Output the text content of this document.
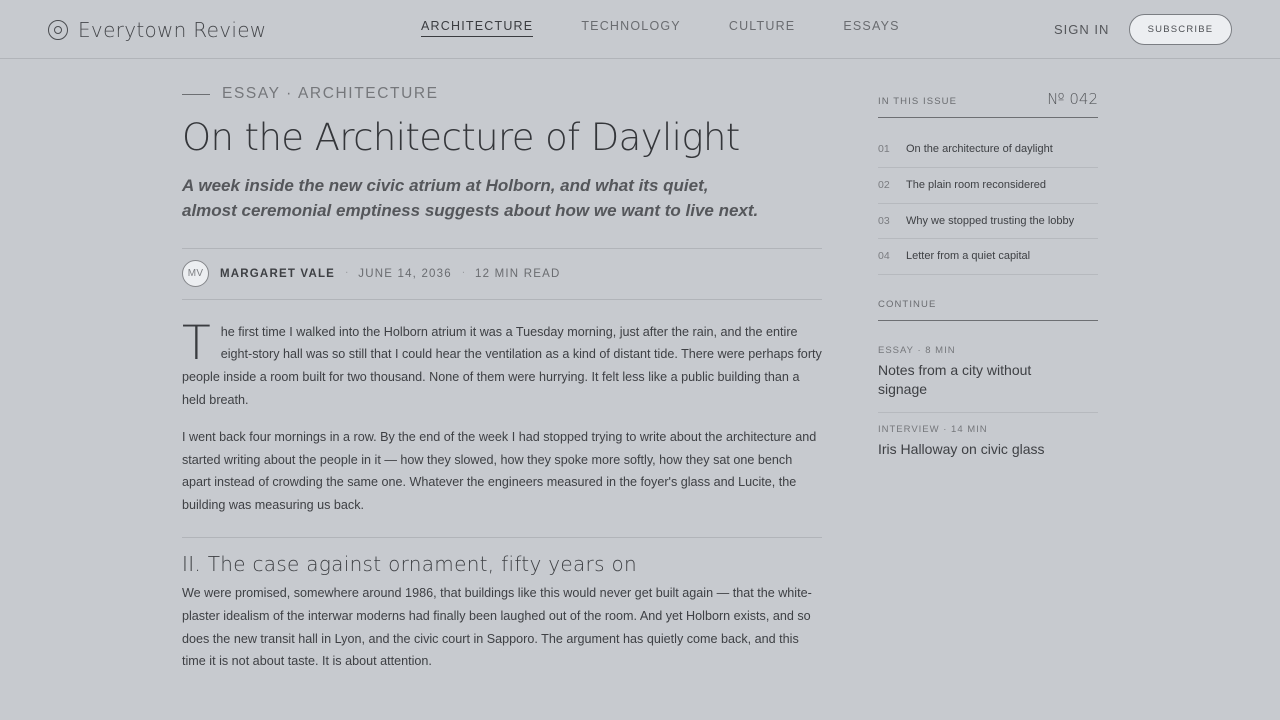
Everytown Review	ARCHITECTURE	TECHNOLOGY	CULTURE	ESSAYS	SIGN IN	SUBSCRIBE
ESSAY · ARCHITECTURE
On the Architecture of Daylight

A week inside the new civic atrium at Holborn, and what its quiet, almost ceremonial emptiness suggests about how we want to live next.

MV	MARGARET VALE · JUNE 14, 2036 · 12 MIN READ

The first time I walked into the Holborn atrium it was a Tuesday morning, just after the rain, and the entire eight-story hall was so still that I could hear the ventilation as a kind of distant tide. There were perhaps forty people inside a room built for two thousand. None of them were hurrying. It felt less like a public building than a held breath.

I went back four mornings in a row. By the end of the week I had stopped trying to write about the architecture and started writing about the people in it — how they slowed, how they spoke more softly, how they sat one bench apart instead of crowding the same one. Whatever the engineers measured in the foyer's glass and Lucite, the building was measuring us back.

II. The case against ornament, fifty years on

We were promised, somewhere around 1986, that buildings like this would never get built again — that the white-plaster idealism of the interwar moderns had finally been laughed out of the room. And yet Holborn exists, and so does the new transit hall in Lyon, and the civic court in Sapporo. The argument has quietly come back, and this time it is not about taste. It is about attention.

IN THIS ISSUE	№ 042
01	On the architecture of daylight
02	The plain room reconsidered
03	Why we stopped trusting the lobby
04	Letter from a quiet capital
CONTINUE
ESSAY · 8 MIN
Notes from a city without signage
INTERVIEW · 14 MIN
Iris Halloway on civic glass
